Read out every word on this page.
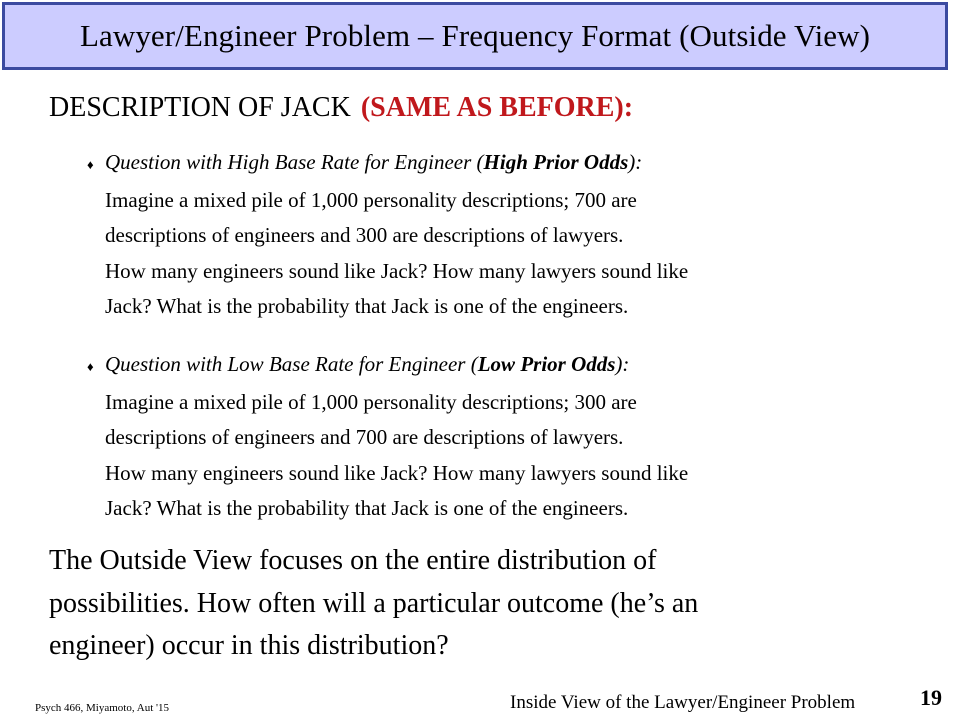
Lawyer/Engineer Problem – Frequency Format (Outside View)
DESCRIPTION OF JACK (SAME AS BEFORE):
♦ Question with High Base Rate for Engineer (High Prior Odds):
Imagine a mixed pile of 1,000 personality descriptions; 700 are
descriptions of engineers and 300 are descriptions of lawyers.
How many engineers sound like Jack? How many lawyers sound like
Jack? What is the probability that Jack is one of the engineers.
♦ Question with Low Base Rate for Engineer (Low Prior Odds):
Imagine a mixed pile of 1,000 personality descriptions; 300 are
descriptions of engineers and 700 are descriptions of lawyers.
How many engineers sound like Jack? How many lawyers sound like
Jack? What is the probability that Jack is one of the engineers.
The Outside View focuses on the entire distribution of
possibilities. How often will a particular outcome (he’s an
engineer) occur in this distribution?
Psych 466, Miyamoto, Aut '15	Inside View of the Lawyer/Engineer Problem	19
